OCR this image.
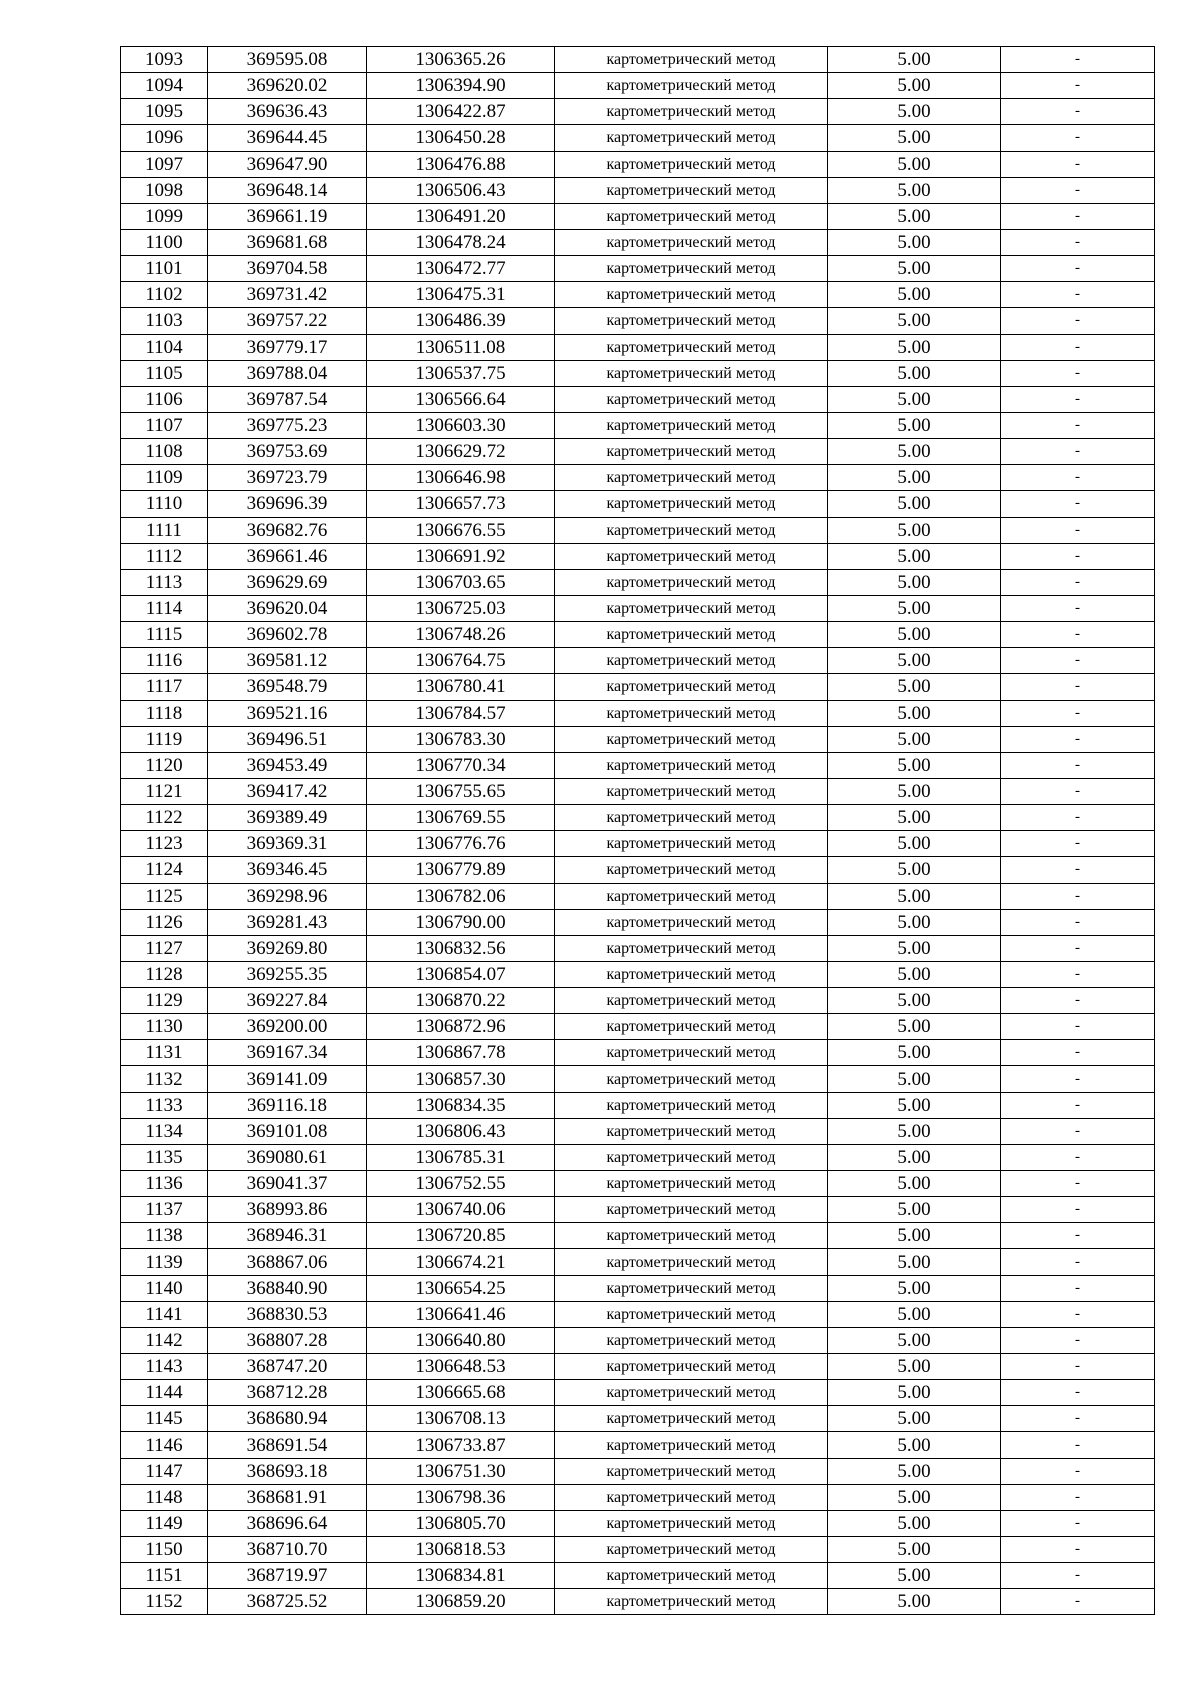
1093	369595.08	1306365.26	картометрический метод	5.00	-
1094	369620.02	1306394.90	картометрический метод	5.00	-
1095	369636.43	1306422.87	картометрический метод	5.00	-
1096	369644.45	1306450.28	картометрический метод	5.00	-
1097	369647.90	1306476.88	картометрический метод	5.00	-
1098	369648.14	1306506.43	картометрический метод	5.00	-
1099	369661.19	1306491.20	картометрический метод	5.00	-
1100	369681.68	1306478.24	картометрический метод	5.00	-
1101	369704.58	1306472.77	картометрический метод	5.00	-
1102	369731.42	1306475.31	картометрический метод	5.00	-
1103	369757.22	1306486.39	картометрический метод	5.00	-
1104	369779.17	1306511.08	картометрический метод	5.00	-
1105	369788.04	1306537.75	картометрический метод	5.00	-
1106	369787.54	1306566.64	картометрический метод	5.00	-
1107	369775.23	1306603.30	картометрический метод	5.00	-
1108	369753.69	1306629.72	картометрический метод	5.00	-
1109	369723.79	1306646.98	картометрический метод	5.00	-
1110	369696.39	1306657.73	картометрический метод	5.00	-
1111	369682.76	1306676.55	картометрический метод	5.00	-
1112	369661.46	1306691.92	картометрический метод	5.00	-
1113	369629.69	1306703.65	картометрический метод	5.00	-
1114	369620.04	1306725.03	картометрический метод	5.00	-
1115	369602.78	1306748.26	картометрический метод	5.00	-
1116	369581.12	1306764.75	картометрический метод	5.00	-
1117	369548.79	1306780.41	картометрический метод	5.00	-
1118	369521.16	1306784.57	картометрический метод	5.00	-
1119	369496.51	1306783.30	картометрический метод	5.00	-
1120	369453.49	1306770.34	картометрический метод	5.00	-
1121	369417.42	1306755.65	картометрический метод	5.00	-
1122	369389.49	1306769.55	картометрический метод	5.00	-
1123	369369.31	1306776.76	картометрический метод	5.00	-
1124	369346.45	1306779.89	картометрический метод	5.00	-
1125	369298.96	1306782.06	картометрический метод	5.00	-
1126	369281.43	1306790.00	картометрический метод	5.00	-
1127	369269.80	1306832.56	картометрический метод	5.00	-
1128	369255.35	1306854.07	картометрический метод	5.00	-
1129	369227.84	1306870.22	картометрический метод	5.00	-
1130	369200.00	1306872.96	картометрический метод	5.00	-
1131	369167.34	1306867.78	картометрический метод	5.00	-
1132	369141.09	1306857.30	картометрический метод	5.00	-
1133	369116.18	1306834.35	картометрический метод	5.00	-
1134	369101.08	1306806.43	картометрический метод	5.00	-
1135	369080.61	1306785.31	картометрический метод	5.00	-
1136	369041.37	1306752.55	картометрический метод	5.00	-
1137	368993.86	1306740.06	картометрический метод	5.00	-
1138	368946.31	1306720.85	картометрический метод	5.00	-
1139	368867.06	1306674.21	картометрический метод	5.00	-
1140	368840.90	1306654.25	картометрический метод	5.00	-
1141	368830.53	1306641.46	картометрический метод	5.00	-
1142	368807.28	1306640.80	картометрический метод	5.00	-
1143	368747.20	1306648.53	картометрический метод	5.00	-
1144	368712.28	1306665.68	картометрический метод	5.00	-
1145	368680.94	1306708.13	картометрический метод	5.00	-
1146	368691.54	1306733.87	картометрический метод	5.00	-
1147	368693.18	1306751.30	картометрический метод	5.00	-
1148	368681.91	1306798.36	картометрический метод	5.00	-
1149	368696.64	1306805.70	картометрический метод	5.00	-
1150	368710.70	1306818.53	картометрический метод	5.00	-
1151	368719.97	1306834.81	картометрический метод	5.00	-
1152	368725.52	1306859.20	картометрический метод	5.00	-
